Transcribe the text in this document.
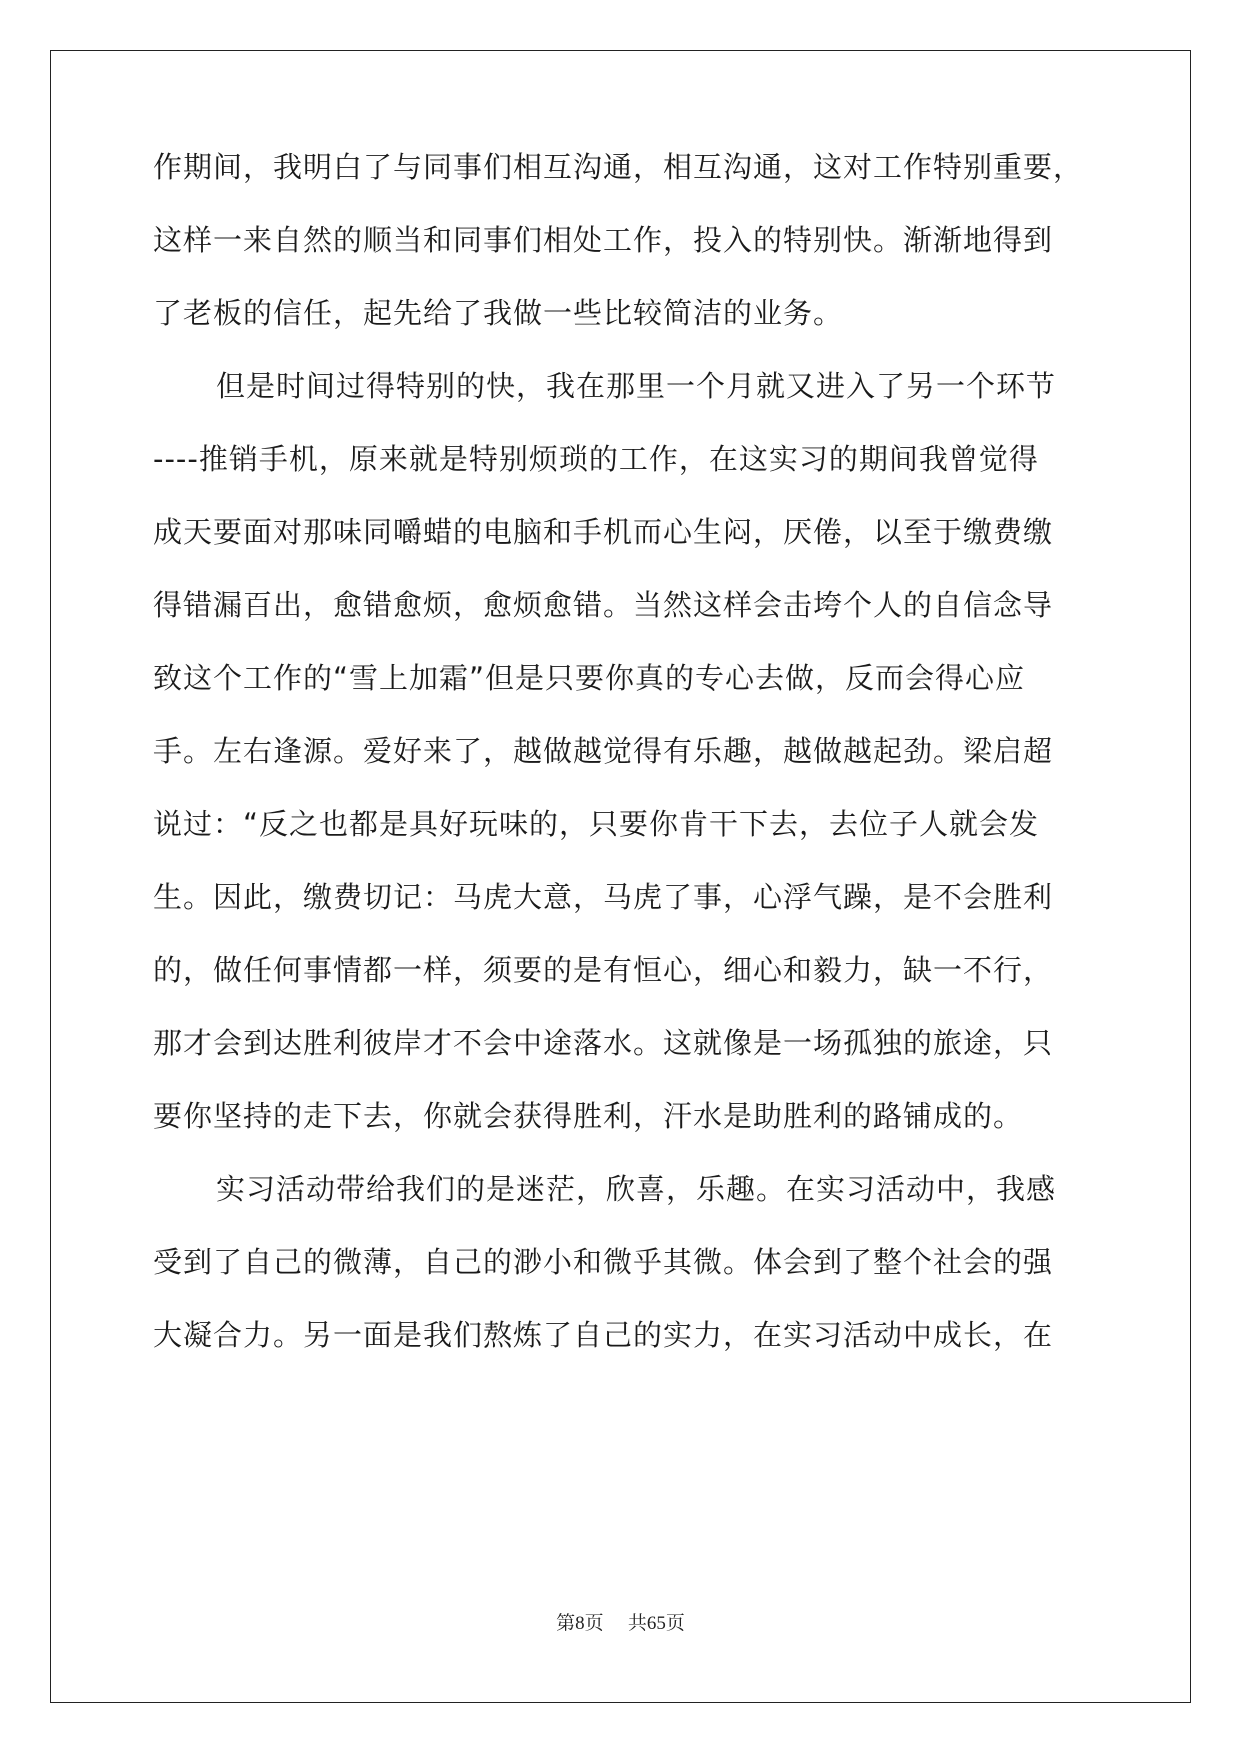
作期间，我明白了与同事们相互沟通，相互沟通，这对工作特别重要，
这样一来自然的顺当和同事们相处工作，投入的特别快。渐渐地得到
了老板的信任，起先给了我做一些比较简洁的业务。
但是时间过得特别的快，我在那里一个月就又进入了另一个环节
----推销手机，原来就是特别烦琐的工作，在这实习的期间我曾觉得
成天要面对那味同嚼蜡的电脑和手机而心生闷，厌倦，以至于缴费缴
得错漏百出，愈错愈烦，愈烦愈错。当然这样会击垮个人的自信念导
致这个工作的“雪上加霜”但是只要你真的专心去做，反而会得心应
手。左右逢源。爱好来了，越做越觉得有乐趣，越做越起劲。梁启超
说过：“反之也都是具好玩味的，只要你肯干下去，去位子人就会发
生。因此，缴费切记：马虎大意，马虎了事，心浮气躁，是不会胜利
的，做任何事情都一样，须要的是有恒心，细心和毅力，缺一不行，
那才会到达胜利彼岸才不会中途落水。这就像是一场孤独的旅途，只
要你坚持的走下去，你就会获得胜利，汗水是助胜利的路铺成的。
实习活动带给我们的是迷茫，欣喜，乐趣。在实习活动中，我感
受到了自己的微薄，自己的渺小和微乎其微。体会到了整个社会的强
大凝合力。另一面是我们熬炼了自己的实力，在实习活动中成长，在
第8页 共65页
